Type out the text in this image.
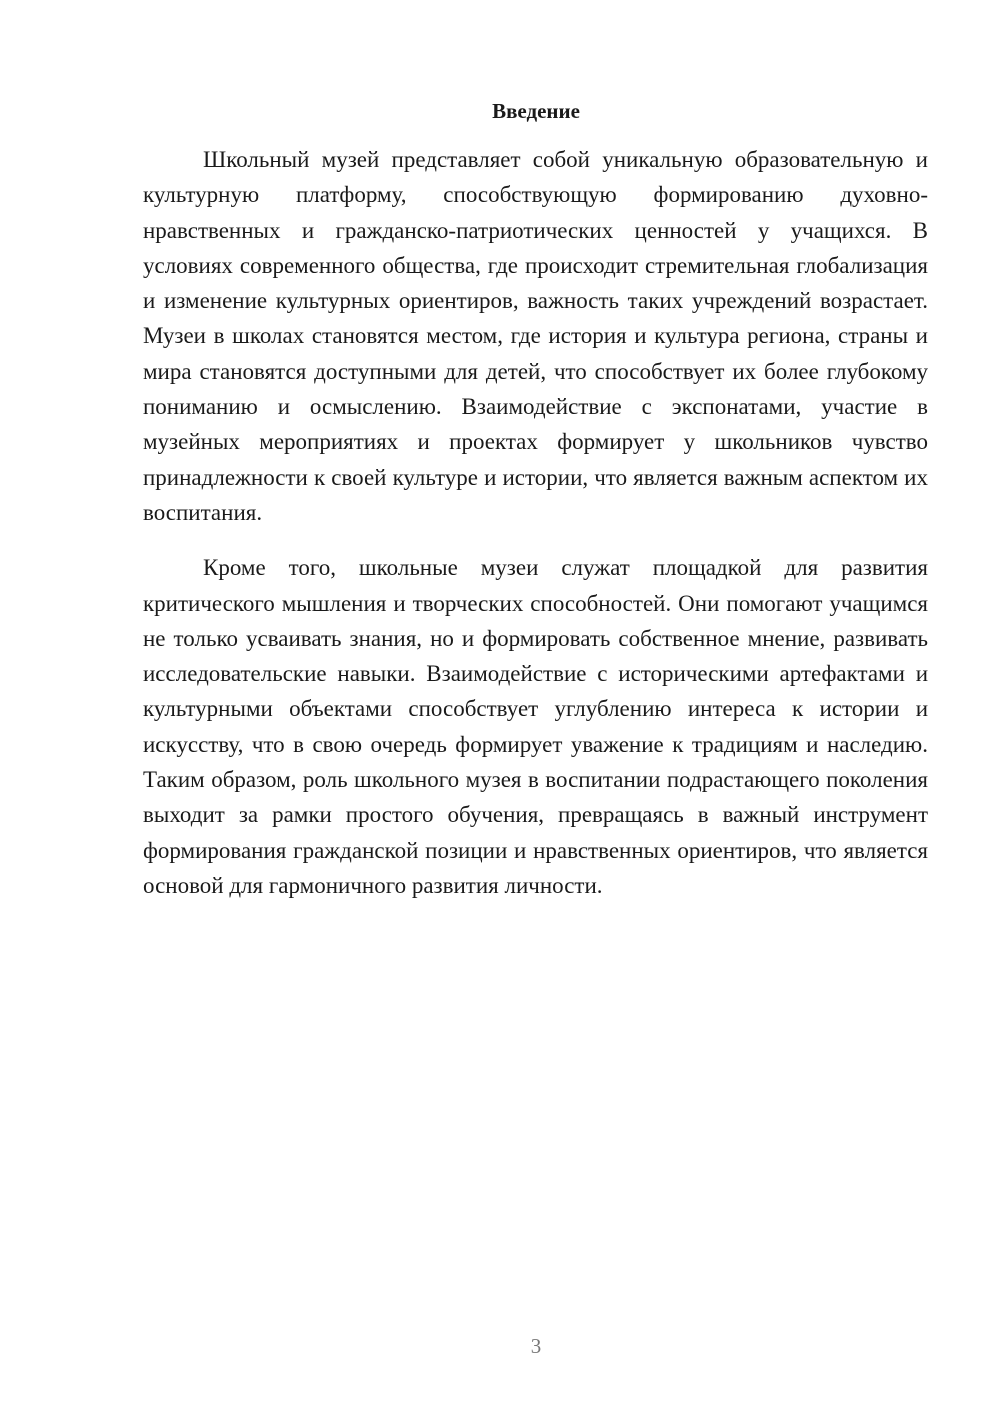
Введение

Школьный музей представляет собой уникальную образовательную и культурную платформу, способствующую формированию духовно-нравственных и гражданско-патриотических ценностей у учащихся. В условиях современного общества, где происходит стремительная глобализация и изменение культурных ориентиров, важность таких учреждений возрастает. Музеи в школах становятся местом, где история и культура региона, страны и мира становятся доступными для детей, что способствует их более глубокому пониманию и осмыслению. Взаимодействие с экспонатами, участие в музейных мероприятиях и проектах формирует у школьников чувство принадлежности к своей культуре и истории, что является важным аспектом их воспитания.

Кроме того, школьные музеи служат площадкой для развития критического мышления и творческих способностей. Они помогают учащимся не только усваивать знания, но и формировать собственное мнение, развивать исследовательские навыки. Взаимодействие с историческими артефактами и культурными объектами способствует углублению интереса к истории и искусству, что в свою очередь формирует уважение к традициям и наследию. Таким образом, роль школьного музея в воспитании подрастающего поколения выходит за рамки простого обучения, превращаясь в важный инструмент формирования гражданской позиции и нравственных ориентиров, что является основой для гармоничного развития личности.

3
